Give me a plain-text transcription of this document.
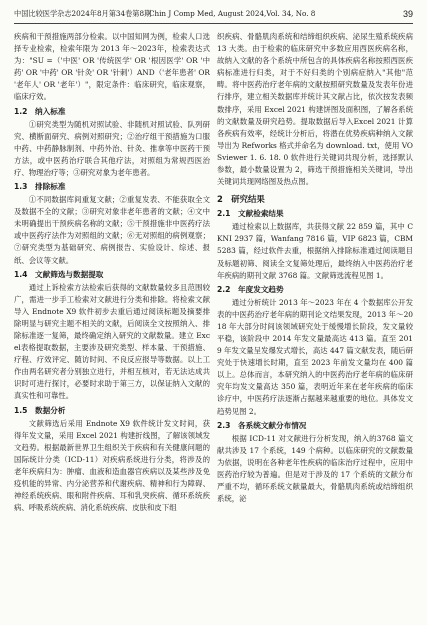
中国比较医学杂志2024年8月第34卷第8期
Chin J Comp Med, August 2024,Vol. 34, No. 8	39

疾病和干预措施两部分检索。以中国知网为例，检索人口选择专业检索，检索年限为 2013 年～2023年，检索表达式为："SU =（'中医' OR '传统医学' OR '根因医学' OR '中药' OR '中药' OR '针灸' OR '针刺'）AND（'老年患者' OR '老年人' OR '老年'）"，限定条件：临床研究，临床观察，临床疗效。

1.2　纳入标准

①研究类型为随机对照试验、非随机对照试验、队列研究、横断面研究、病例对照研究；②治疗组干预措施为口服中药、中药静脉制剂、中药外治、针灸、推拿等中医药干预方法，或中医药治疗联合其他疗法，对照组为常规西医治疗、物理治疗等；③研究对象为老年患者。

1.3　排除标准

①不同数据库间重复文献；②重复发表、不能获取全文及数据不全的文献；③研究对象非老年患者的文献；④文中未明确提出干预疾病名称的文献；⑤干预措施非中医药疗法或中医药疗法作为对照组的文献；⑥无对照组的病例观察；⑦研究类型为基础研究、病例报告、实验设计、综述、报纸、会议等文献。

1.4　文献筛选与数据提取

通过上诉检索方法检索后获得的文献数量较多且范围较广，需进一步手工检索对文献进行分类和排除。将检索文献导入 Endnote X9 软件初步去重后通过阅读标题及摘要排除明显与研究主题不相关的文献，后阅读全文按照纳入、排除标准逐一复筛，最终确定纳入研究的文献数量。建立 Excel表格提取数据，主要涉及研究类型、样本量、干预措施、疗程、疗效评定、随访时间、不良反应报导等数据。以上工作由两名研究者分别独立进行，并相互核对，若无法达成共识时可进行探讨，必要时求助于第三方，以保证纳入文献的真实性和可靠性。

1.5　数据分析

文献筛选后采用 Endnote X9 软件统计发文时间，获得年发文量，采用 Excel 2021 构建折线图，了解该领域发文趋势。根据最新世界卫生组织关于疾病和有关健康问题的国际统计分类（ICD-11）对疾病系统进行分类，将涉及的老年疾病归为：肿瘤、血液和造血器官疾病以及某些涉及免疫机能的异常、内分泌营养和代谢疾病、精神和行为障碍、神经系统疾病、眼和附件疾病、耳和乳突疾病、循环系统疾病、呼吸系统疾病、消化系统疾病、皮肤和皮下组

织疾病、骨骼肌肉系统和结缔组织疾病、泌尿生殖系统疾病 13 大类。由于检索的临床研究中多数应用西医疾病名称，故纳入文献的各个系统中所包含的具体疾病名称按照西医疾病标准进行归类，对于不好归类的个别病症纳入"其他"范畴。将中医药治疗老年病的文献按照研究数量及发表年份进行排序，建立相关数据库并统计其文献占比，依次按发表频数排序，采用 Excel 2021 构建饼图及面积图，了解各系统的文献数量及研究趋势。提取数据后导入Excel 2021 计算各疾病有效率，经统计分析后，将潜在优势疾病种纳入文献导出为 Refworks 格式并命名为 download. txt，使用 VOSviewer 1. 6. 18. 0 软件进行关键词共现分析，选择默认参数，最小数量设置为 2，筛选干预措施相关关键词，导出关键词共现网络图及热点图。

2　研究结果
2.1　文献检索结果

通过检索以上数据库，共获得文献 22 859 篇，其中 CKNI 2937 篇，Wanfang 7816 篇，VIP 6823 篇，CBM 5283 篇，经过软件去重，根据纳入排除标准通过阅读题目及标题初筛、阅读全文复筛处理后，最终纳入中医药治疗老年疾病的期刊文献 3768 篇。文献筛选流程见图 1。

2.2　年度发文趋势

通过分析统计 2013 年～2023 年在 4 个数据库公开发表的中医药治疗老年病的期刊论文结果发现，2013 年～2018 年大部分时间该领域研究处于缓慢增长阶段，发文量较平稳，该阶段中 2014 年发文量最高达 413 篇。直至 2019 年发文量呈发爆发式增长，高达 447 篇文献发表，随后研究处于快速增长时期，直至 2023 年前发文量均在 400 篇以上。总体而言，本研究纳入的中医药治疗老年病的临床研究年均发文量高达 350 篇，表明近年来在老年疾病的临床诊疗中，中医药疗法逐渐占据越来越重要的地位。具体发文趋势见图 2。

2.3　各系统文献分布情况

根据 ICD-11 对文献进行分析发现，纳入的3768 篇文献共涉及 17 个系统，149 个病种。以临床研究的文献数量为依据，说明在各种老年性疾病的临床治疗过程中，应用中医药治疗较为普遍。但是对于涉及的 17 个系统的文献分布严重不均，循环系统文献量最大，骨骼肌肉系统或结缔组织系统，泌
